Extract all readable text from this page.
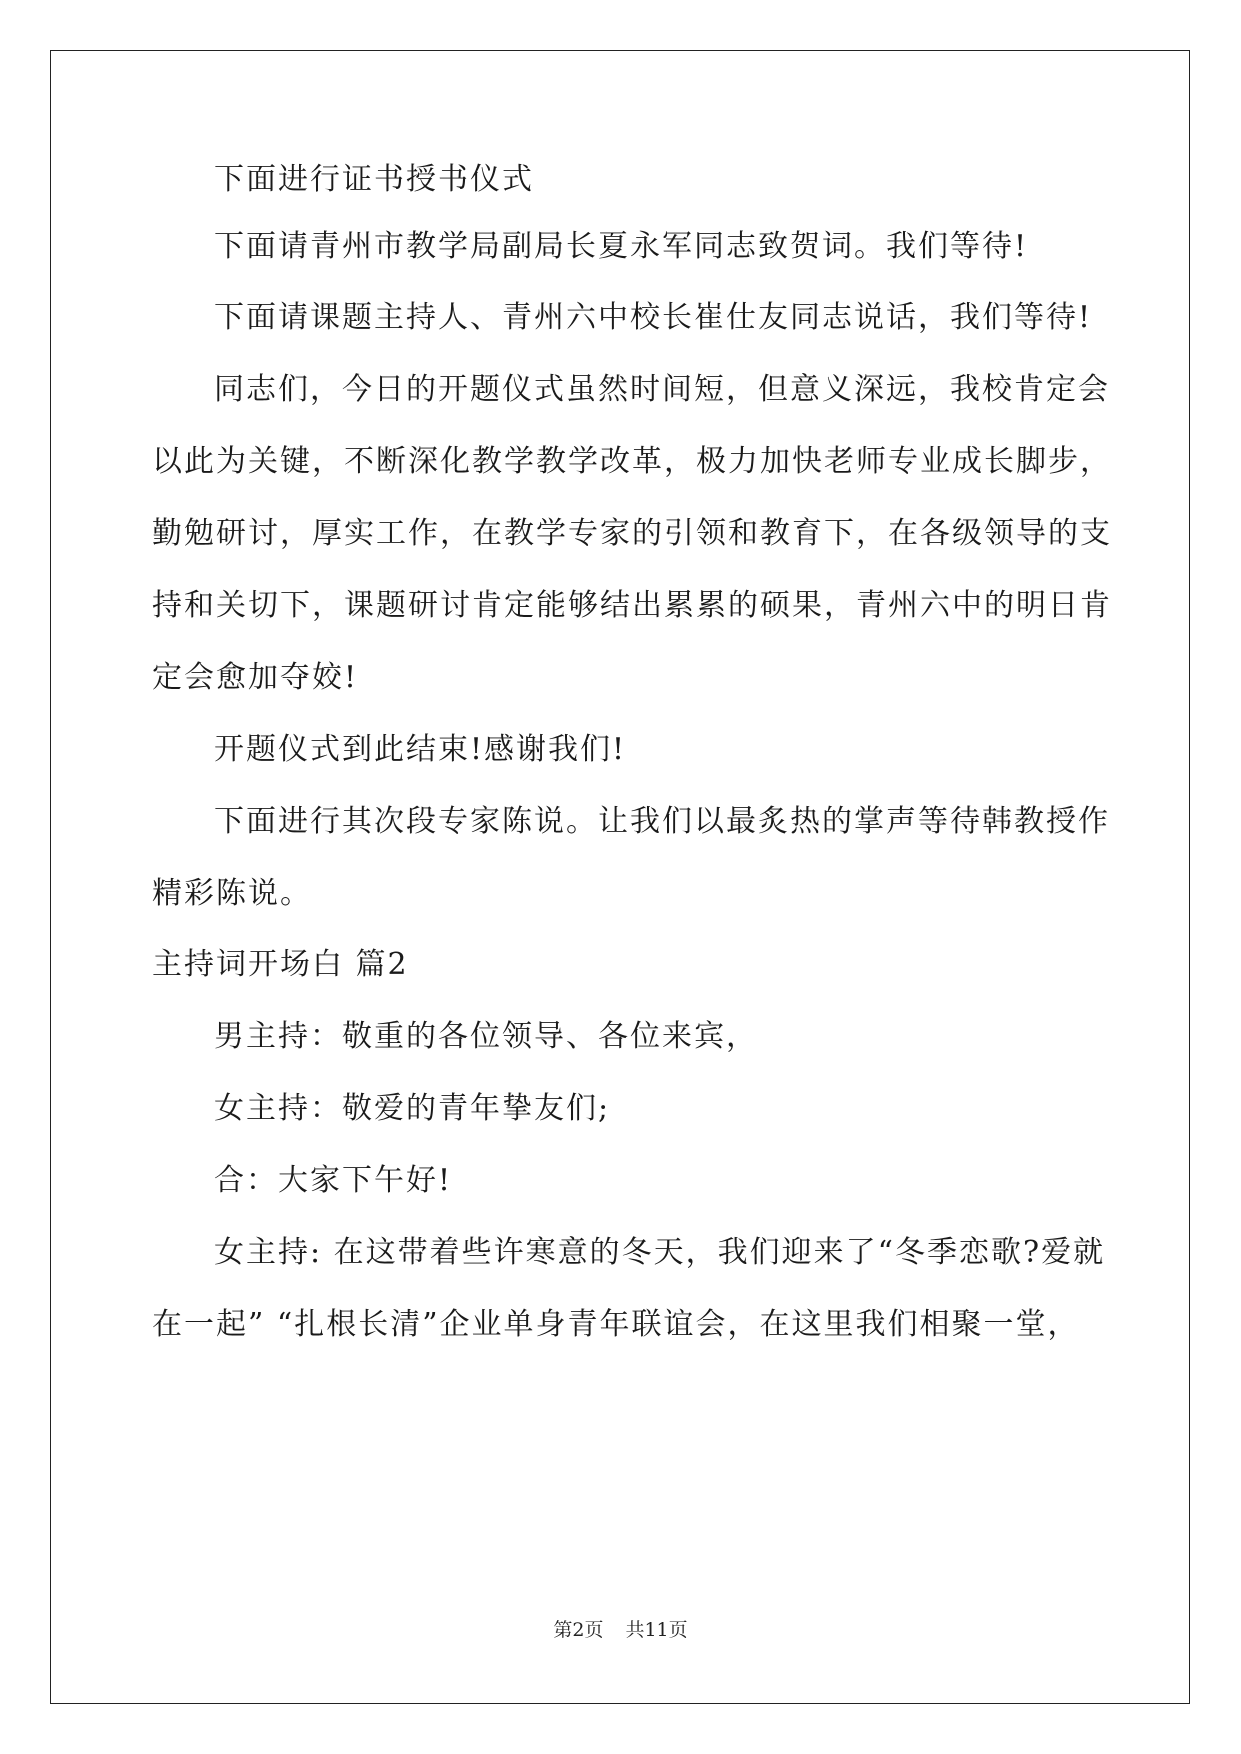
下面进行证书授书仪式
下面请青州市教学局副局长夏永军同志致贺词。我们等待!
下面请课题主持人、青州六中校长崔仕友同志说话，我们等待!
同志们，今日的开题仪式虽然时间短，但意义深远，我校肯定会
以此为关键，不断深化教学教学改革，极力加快老师专业成长脚步，
勤勉研讨，厚实工作，在教学专家的引领和教育下，在各级领导的支
持和关切下，课题研讨肯定能够结出累累的硕果，青州六中的明日肯
定会愈加夺姣!
开题仪式到此结束!感谢我们!
下面进行其次段专家陈说。让我们以最炙热的掌声等待韩教授作
精彩陈说。
主持词开场白 篇2
男主持：敬重的各位领导、各位来宾，
女主持：敬爱的青年挚友们;
合：大家下午好!
女主持: 在这带着些许寒意的冬天，我们迎来了“冬季恋歌?爱就
在一起” “扎根长清”企业单身青年联谊会，在这里我们相聚一堂，
第2页 共11页
